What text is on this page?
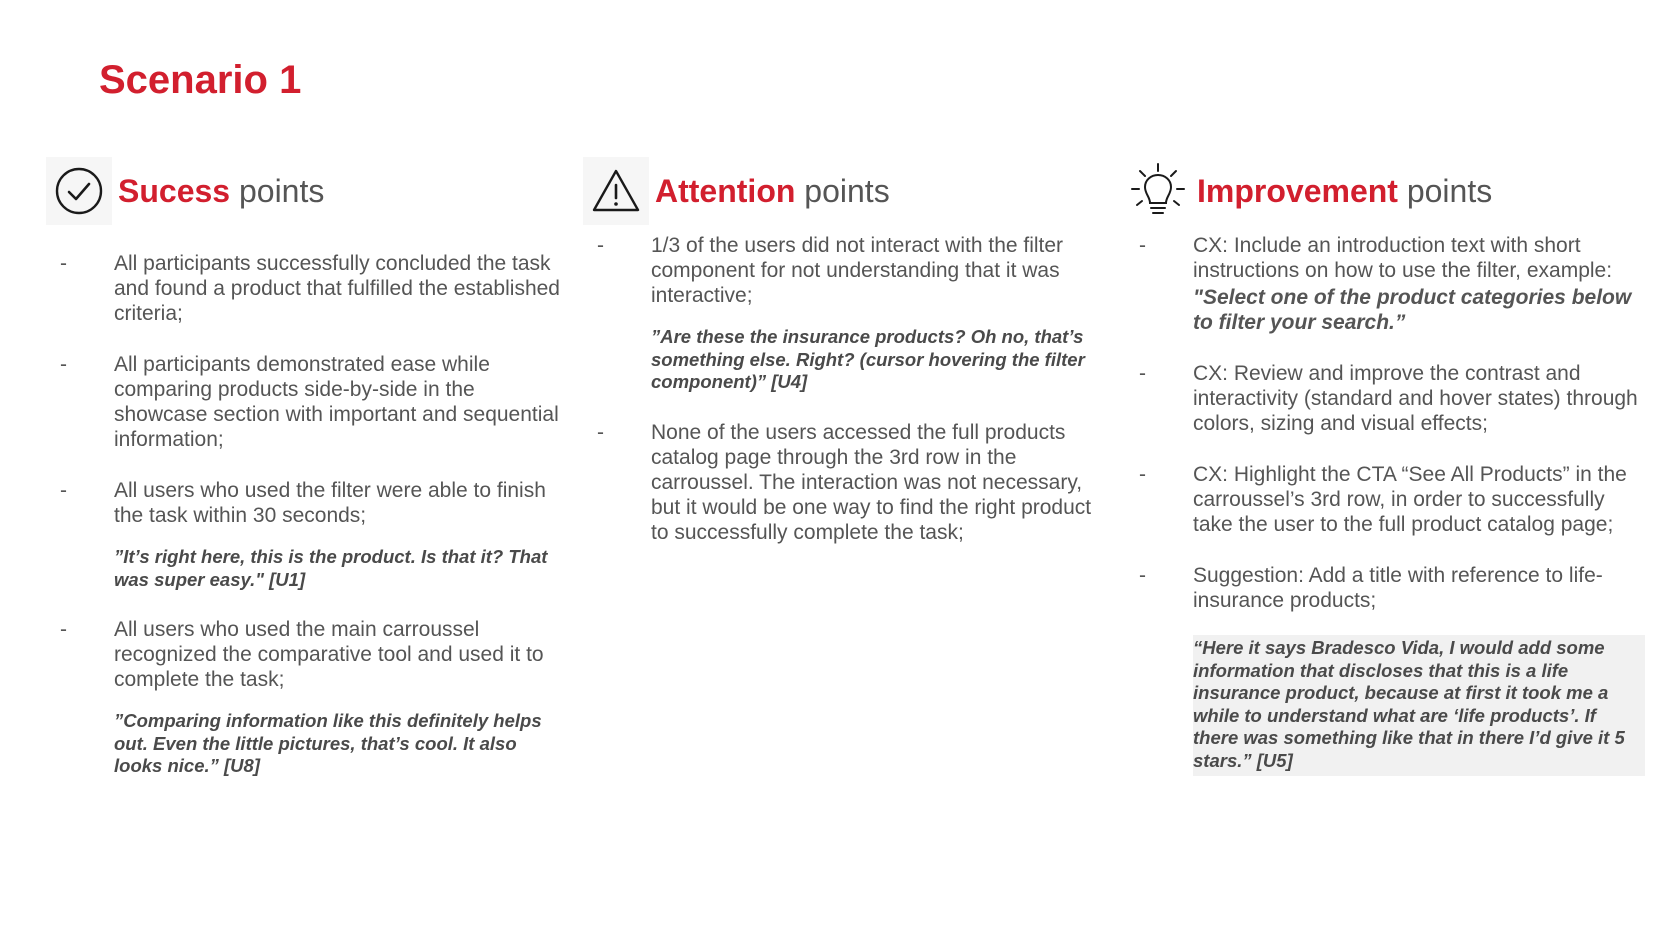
Scenario 1
Sucess points
- All participants successfully concluded the task and found a product that fulfilled the established criteria;
- All participants demonstrated ease while comparing products side-by-side in the showcase section with important and sequential information;
- All users who used the filter were able to finish the task within 30 seconds;
”It’s right here, this is the product. Is that it? That was super easy." [U1]
- All users who used the main carroussel recognized the comparative tool and used it to complete the task;
”Comparing information like this definitely helps out. Even the little pictures, that’s cool. It also looks nice.” [U8]
Attention points
- 1/3 of the users did not interact with the filter component for not understanding that it was interactive;
”Are these the insurance products? Oh no, that’s something else. Right? (cursor hovering the filter component)” [U4]
- None of the users accessed the full products catalog page through the 3rd row in the carroussel. The interaction was not necessary, but it would be one way to find the right product to successfully complete the task;
Improvement points
- CX: Include an introduction text with short instructions on how to use the filter, example:
"Select one of the product categories below to filter your search.”
- CX: Review and improve the contrast and interactivity (standard and hover states) through colors, sizing and visual effects;
- CX: Highlight the CTA “See All Products” in the carroussel’s 3rd row, in order to successfully take the user to the full product catalog page;
- Suggestion: Add a title with reference to life-insurance products;
“Here it says Bradesco Vida, I would add some information that discloses that this is a life insurance product, because at first it took me a while to understand what are ‘life products’. If there was something like that in there I’d give it 5 stars.” [U5]
